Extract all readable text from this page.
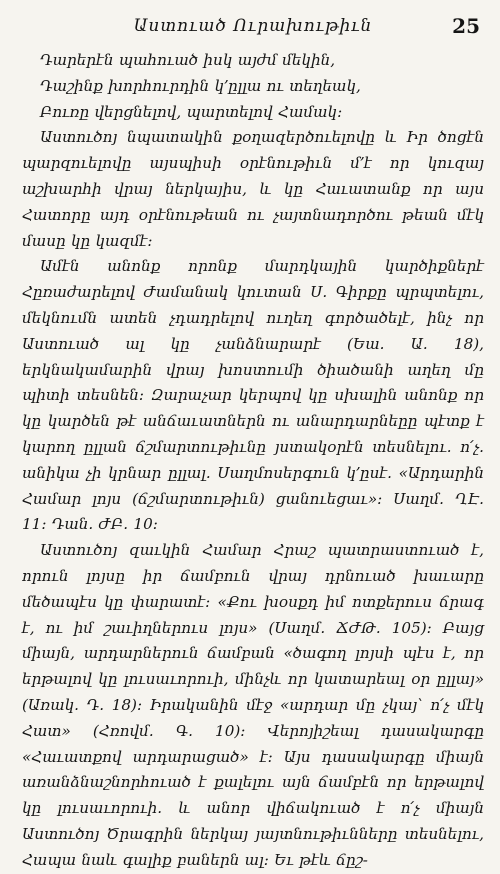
Աստուած Ուրախութիւն	25

Դարերէն պահուած իսկ այժմ մեկին,

Դաշինք խորհուրդին կ՚ըլլա ու տեղեակ,

Բուռը վերցնելով, պարտելով Համակ:

Աստուծոյ նպատակին քօղազերծուելովը և Իր ծոցէն պարզուելովը այսպիսի օրէնութիւն մ՚է որ կուզայ աշխարհի վրայ ներկայիս, և կը Հաւատանք որ այս Հատորը այդ օրէնութեան ու չայտնադործու թեան մէկ մասը կը կազմէ:

Ամէն անոնք որոնք մարդկային կարծիքներէ Հըռաժարելով Ժամանակ կուտան Ս. Գիրքը պրպտելու, մեկնումն ատեն չդադրելով ուղեղ գործածելէ, ինչ որ Աստուած ալ կը չանձնարարէ (Եա. Ա. 18), երկնակամարին վրայ խոստումի ծիածանի աղեղ մը պիտի տեսնեն: Զարաչար կերպով կը սխալին անոնք որ կը կարծեն թէ անճաւատներն ու անարդարնեըը պէտք է կարող ըլլան ճշմարտութիւնը յստակօրէն տեսնելու. ո՛չ. անիկա չի կրնար ըլլալ. Սաղմոսերգուն կ՚ըսէ. «Արդարին Համար լոյս (ճշմարտութիւն) ցանուեցաւ»: Սաղմ. ՂԷ. 11: Դան. ԺԲ. 10:

Աստուծոյ զաւկին Համար Հրաշ պատրաստուած է, որուն լոյսը իր ճամբուն վրայ դրնուած խաւարը մեծապէս կը փարատէ: «Քու խօսքդ իմ ոտքերուս ճրագ է, ու իմ շաւիղներուս լոյս» (Սաղմ. ՃԺԹ. 105): Բայց միայն, արդարներուն ճամբան «ծագող լոյսի պէս է, որ երթալով կը լուսաւորուի, մինչև որ կատարեալ օր ըլլայ» (Առակ. Դ. 18): Իրականին մէջ «արդար մը չկայ՝ ո՛չ մէկ Հատ» (Հռովմ. Գ. 10): Վերոյիշեալ դասակարգը «Հաւատքով արդարացած» է: Այս դասակարգը միայն առանձնաշնորհուած է քալելու այն ճամբէն որ երթալով կը լուսաւորուի. և անոր վիճակուած է ո՛չ միայն Աստուծոյ Ծրագրին ներկայ յայտնութիւնները տեսնելու, Հապա նաև գալիք բաներն ալ: Եւ թէև ճըշ-
